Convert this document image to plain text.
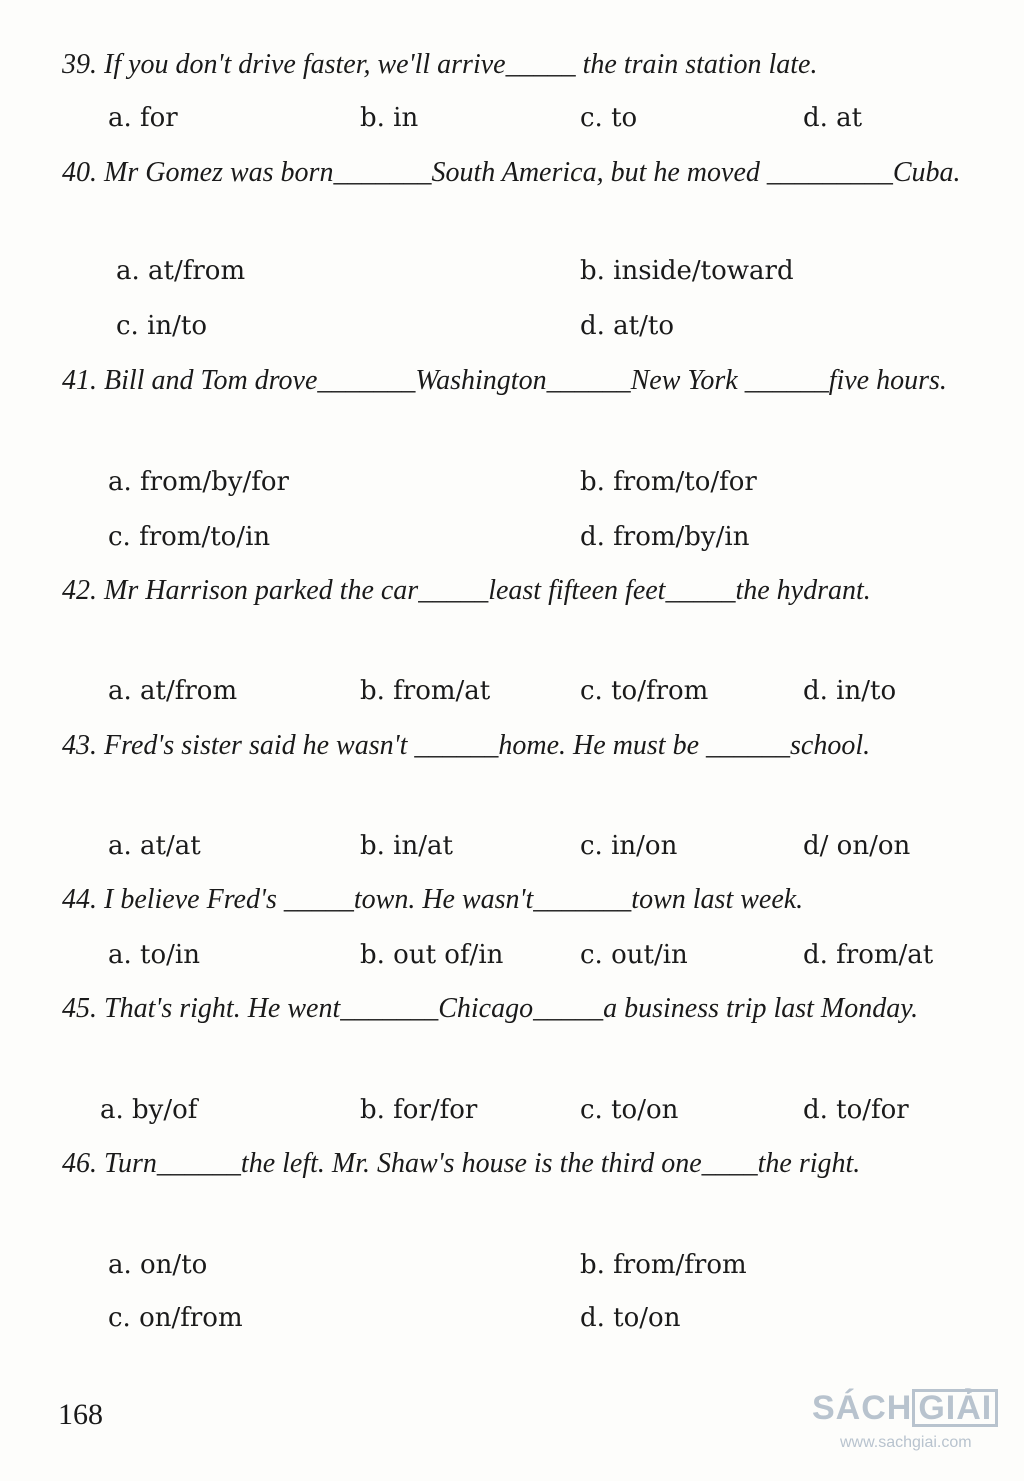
39. If you don't drive faster, we'll arrive_____ the train station late.

a. for	b. in	c. to	d. at

40. Mr Gomez was born_______South America, but he moved _________Cuba.

a. at/from	b. inside/toward
c. in/to	d. at/to

41. Bill and Tom drove_______Washington______New York ______five hours.

a. from/by/for	b. from/to/for
c. from/to/in	d. from/by/in

42. Mr Harrison parked the car_____least fifteen feet_____the hydrant.

a. at/from	b. from/at	c. to/from	d. in/to

43. Fred's sister said he wasn't ______home. He must be ______school.

a. at/at	b. in/at	c. in/on	d/ on/on

44. I believe Fred's _____town. He wasn't_______town last week.

a. to/in	b. out of/in	c. out/in	d. from/at

45. That's right. He went_______Chicago_____a business trip last Monday.

a. by/of	b. for/for	c. to/on	d. to/for

46. Turn______the left. Mr. Shaw's house is the third one____the right.

a. on/to	b. from/from
c. on/from	d. to/on
168	SÁCH GIẢI
www.sachgiai.com
